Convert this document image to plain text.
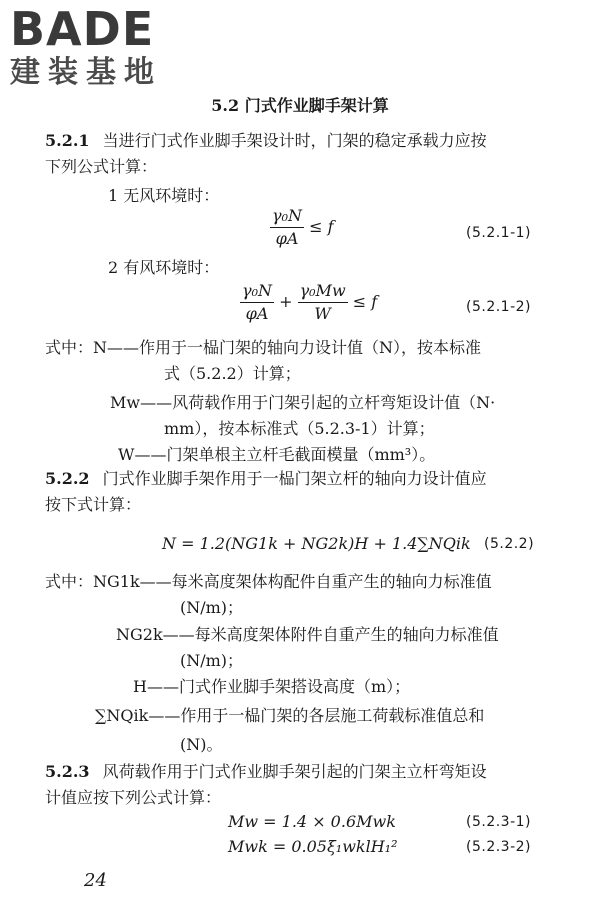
BADE
建装基地
5.2 门式作业脚手架计算
5.2.1 当进行门式作业脚手架设计时，门架的稳定承载力应按
下列公式计算：
1 无风环境时：
$\frac{\text{γ₀N}}{\varphi A} \le f$	(5.2.1-1)
2 有风环境时：
$\frac{\text{γ₀N}}{\varphi A} + \frac{\text{γ₀Mw}}{W} \le f$	(5.2.1-2)
式中：N——作用于一榀门架的轴向力设计值（N），按本标准
式（5.2.2）计算；
Mw——风荷载作用于门架引起的立杆弯矩设计值（N·
mm），按本标准式（5.2.3-1）计算；
W——门架单根主立杆毛截面模量（mm³）。
5.2.2 门式作业脚手架作用于一榀门架立杆的轴向力设计值应
按下式计算：
N = 1.2(NG1k + NG2k)H + 1.4∑NQik (5.2.2)
式中：NG1k——每米高度架体构配件自重产生的轴向力标准值
(N/m)；
NG2k——每米高度架体附件自重产生的轴向力标准值
(N/m)；
H——门式作业脚手架搭设高度（m）；
∑NQik——作用于一榀门架的各层施工荷载标准值总和
(N)。
5.2.3 风荷载作用于门式作业脚手架引起的门架主立杆弯矩设
计值应按下列公式计算：
Mw = 1.4 × 0.6Mwk	(5.2.3-1)
Mwk = 0.05ξ₁wklH₁²	(5.2.3-2)
24
